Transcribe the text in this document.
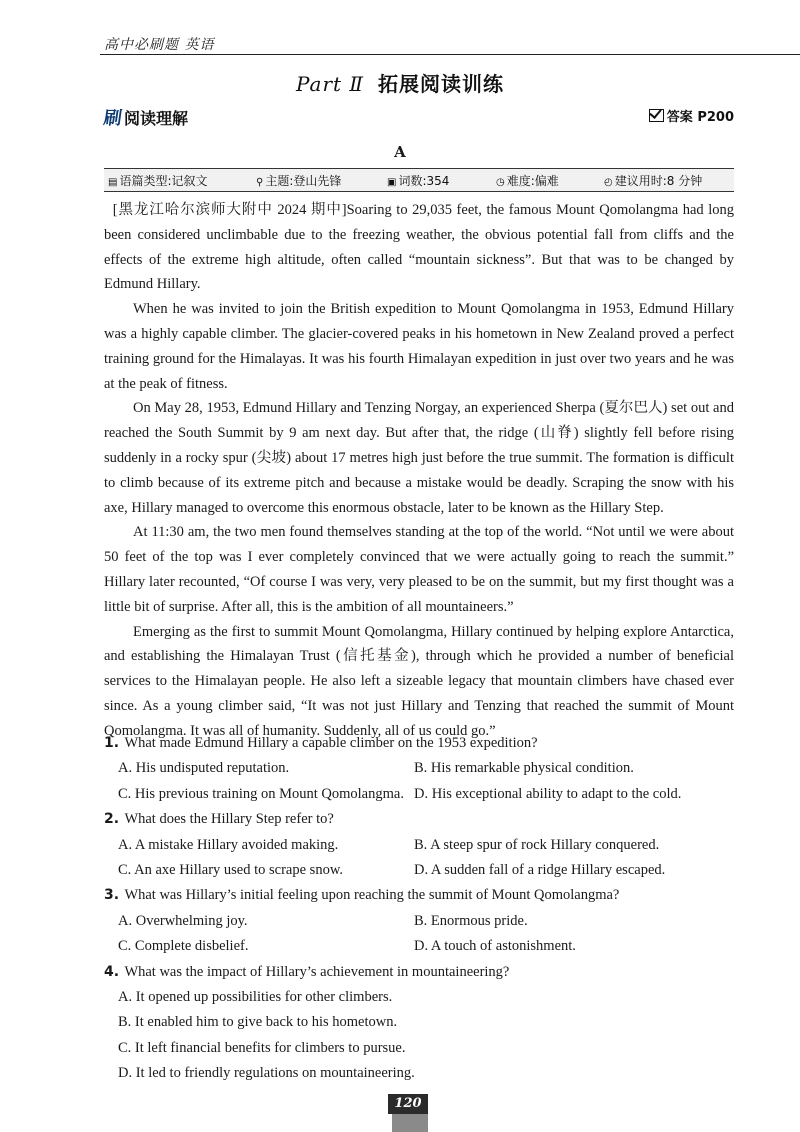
高中必刷题 英语
Part Ⅱ 拓展阅读训练
刷阅读理解	答案 P200
A
▤ 语篇类型:记叙文	⚲ 主题:登山先锋	▣ 词数:354	◷ 难度:偏难	◴ 建议用时:8 分钟

[黑龙江哈尔滨师大附中 2024 期中]Soaring to 29,035 feet, the famous Mount Qomolangma had long been considered unclimbable due to the freezing weather, the obvious potential fall from cliffs and the effects of the extreme high altitude, often called “mountain sickness”. But that was to be changed by Edmund Hillary.

When he was invited to join the British expedition to Mount Qomolangma in 1953, Edmund Hillary was a highly capable climber. The glacier-covered peaks in his hometown in New Zealand proved a perfect training ground for the Himalayas. It was his fourth Himalayan expedition in just over two years and he was at the peak of fitness.

On May 28, 1953, Edmund Hillary and Tenzing Norgay, an experienced Sherpa (夏尔巴人) set out and reached the South Summit by 9 am next day. But after that, the ridge (山脊) slightly fell before rising suddenly in a rocky spur (尖坡) about 17 metres high just before the true summit. The formation is difficult to climb because of its extreme pitch and because a mistake would be deadly. Scraping the snow with his axe, Hillary managed to overcome this enormous obstacle, later to be known as the Hillary Step.

At 11:30 am, the two men found themselves standing at the top of the world. “Not until we were about 50 feet of the top was I ever completely convinced that we were actually going to reach the summit.” Hillary later recounted, “Of course I was very, very pleased to be on the summit, but my first thought was a little bit of surprise. After all, this is the ambition of all mountaineers.”

Emerging as the first to summit Mount Qomolangma, Hillary continued by helping explore Antarctica, and establishing the Himalayan Trust (信托基金), through which he provided a number of beneficial services to the Himalayan people. He also left a sizeable legacy that mountain climbers have chased ever since. As a young climber said, “It was not just Hillary and Tenzing that reached the summit of Mount Qomolangma. It was all of humanity. Suddenly, all of us could go.”

1. What made Edmund Hillary a capable climber on the 1953 expedition?
A. His undisputed reputation.	B. His remarkable physical condition.
C. His previous training on Mount Qomolangma. D. His exceptional ability to adapt to the cold.
2. What does the Hillary Step refer to?
A. A mistake Hillary avoided making.	B. A steep spur of rock Hillary conquered.
C. An axe Hillary used to scrape snow.	D. A sudden fall of a ridge Hillary escaped.
3. What was Hillary’s initial feeling upon reaching the summit of Mount Qomolangma?
A. Overwhelming joy.	B. Enormous pride.
C. Complete disbelief.	D. A touch of astonishment.
4. What was the impact of Hillary’s achievement in mountaineering?
A. It opened up possibilities for other climbers.
B. It enabled him to give back to his hometown.
C. It left financial benefits for climbers to pursue.
D. It led to friendly regulations on mountaineering.
120
